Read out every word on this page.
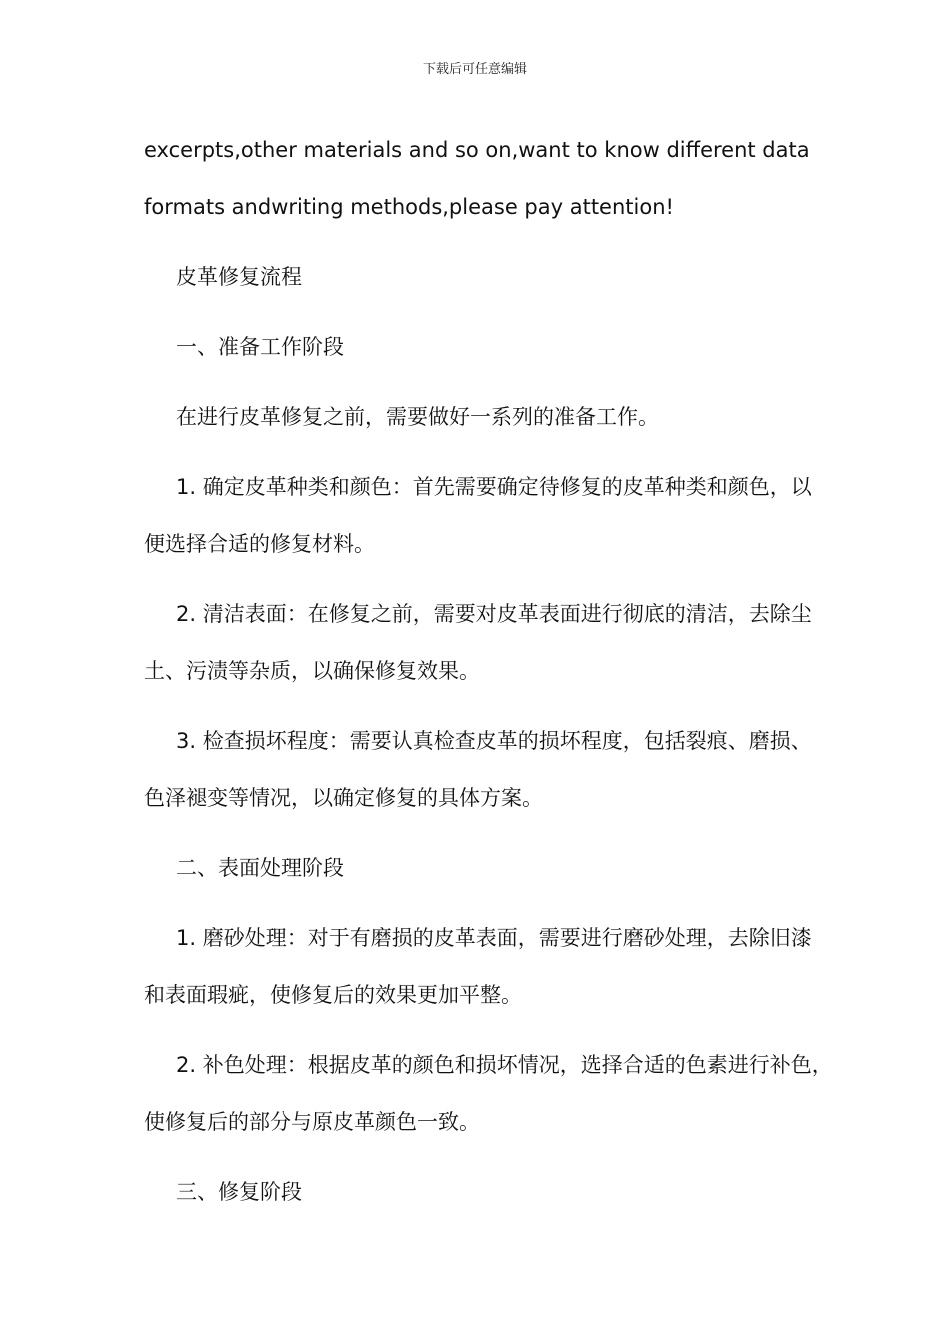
下载后可任意编辑
excerpts,other materials and so on,want to know different data
formats andwriting methods,please pay attention!
皮革修复流程
一、准备工作阶段
在进行皮革修复之前，需要做好一系列的准备工作。
1. 确定皮革种类和颜色：首先需要确定待修复的皮革种类和颜色，以
便选择合适的修复材料。
2. 清洁表面：在修复之前，需要对皮革表面进行彻底的清洁，去除尘
土、污渍等杂质，以确保修复效果。
3. 检查损坏程度：需要认真检查皮革的损坏程度，包括裂痕、磨损、
色泽褪变等情况，以确定修复的具体方案。
二、表面处理阶段
1. 磨砂处理：对于有磨损的皮革表面，需要进行磨砂处理，去除旧漆
和表面瑕疵，使修复后的效果更加平整。
2. 补色处理：根据皮革的颜色和损坏情况，选择合适的色素进行补色，
使修复后的部分与原皮革颜色一致。
三、修复阶段
